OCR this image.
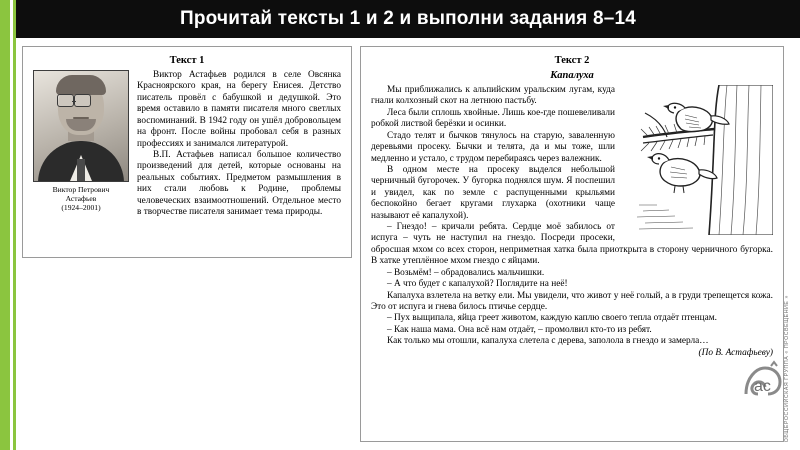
Прочитай тексты 1 и 2 и выполни задания 8–14
Текст 1
Виктор Петрович
Астафьев
(1924–2001)

Виктор Астафьев родился в селе Овсянка Красноярского края, на берегу Енисея. Детство писатель провёл с бабушкой и дедушкой. Это время оставило в памяти писателя много светлых воспоминаний. В 1942 году он ушёл добровольцем на фронт. После войны пробовал себя в разных профессиях и занимался литературой.

В.П. Астафьев написал большое количество произведений для детей, которые основаны на реальных событиях. Предметом размышления в них стали любовь к Родине, проблемы человеческих взаимоотношений. Отдельное место в творчестве писателя занимает тема природы.

Текст 2
Капалуха

Мы приближались к альпийским уральским лугам, куда гнали колхозный скот на летнюю пастьбу.

Леса были сплошь хвойные. Лишь кое-где пошевеливали робкой листвой берёзки и осинки.

Стадо телят и бычков тянулось на старую, заваленную деревьями просеку. Бычки и телята, да и мы тоже, шли медленно и устало, с трудом перебираясь через валежник.

В одном месте на просеку выделся небольшой черничный бугорочек. У бугорка поднялся шум. Я поспешил и увидел, как по земле с распущенными крыльями беспокойно бегает кругами глухарка (охотники чаще называют её капалухой).

– Гнездо! – кричали ребята. Сердце моё забилось от испуга – чуть не наступил на гнездо. Посреди просеки, обросшая мхом со всех сторон, неприметная хатка была приоткрыта в сторону черничного бугорка. В хатке утеплённое мхом гнездо с яйцами.

– Возьмём! – обрадовались мальчишки.

– А что будет с капалухой? Поглядите на неё!

Капалуха взлетела на ветку ели. Мы увидели, что живот у неё голый, а в груди трепещется кожа. Это от испуга и гнева билось птичье сердце.

– Пух выщипала, яйца греет животом, каждую каплю своего тепла отдаёт птенцам.

– Как наша мама. Она всё нам отдаёт, – промолвил кто-то из ребят.

Как только мы отошли, капалуха слетела с дерева, заполола в гнездо и замерла…

(По В. Астафьеву)

ac ОБЩЕРОССИЙСКАЯ ГРУППА « ПРОСВЕЩЕНИЕ »
